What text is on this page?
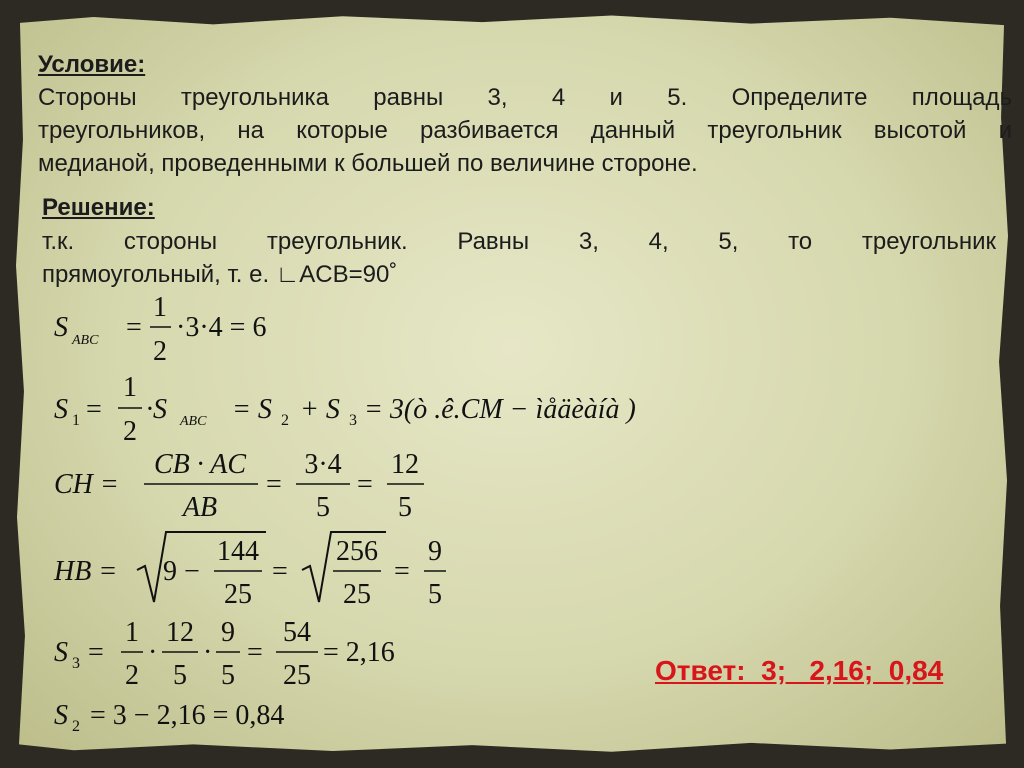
Условие:
Стороны треугольника равны 3, 4 и 5. Определите площадь
треугольников, на которые разбивается данный треугольник высотой и
медианой, проведенными к большей по величине стороне.
Решение:
т.к. стороны треугольник. Равны 3, 4, 5, то треугольник
прямоугольный, т. е. ∟ACB=90˚
S ABC =
1
2
·3·4 = 6
S 1 =
1
2
·S ABC = S 2 + S 3 = 3(ò .ê.CM − ìåäèàíà )
CH =
CB · AC
AB
=
3·4
5
=
12
5
HB = 9 −
144
25
=
256
25
=
9
5
S 3 =
1
2
·
12
5
·
9
5
=
54
25
= 2,16
S 2 = 3 − 2,16 = 0,84
Ответ:  3;   2,16;  0,84
